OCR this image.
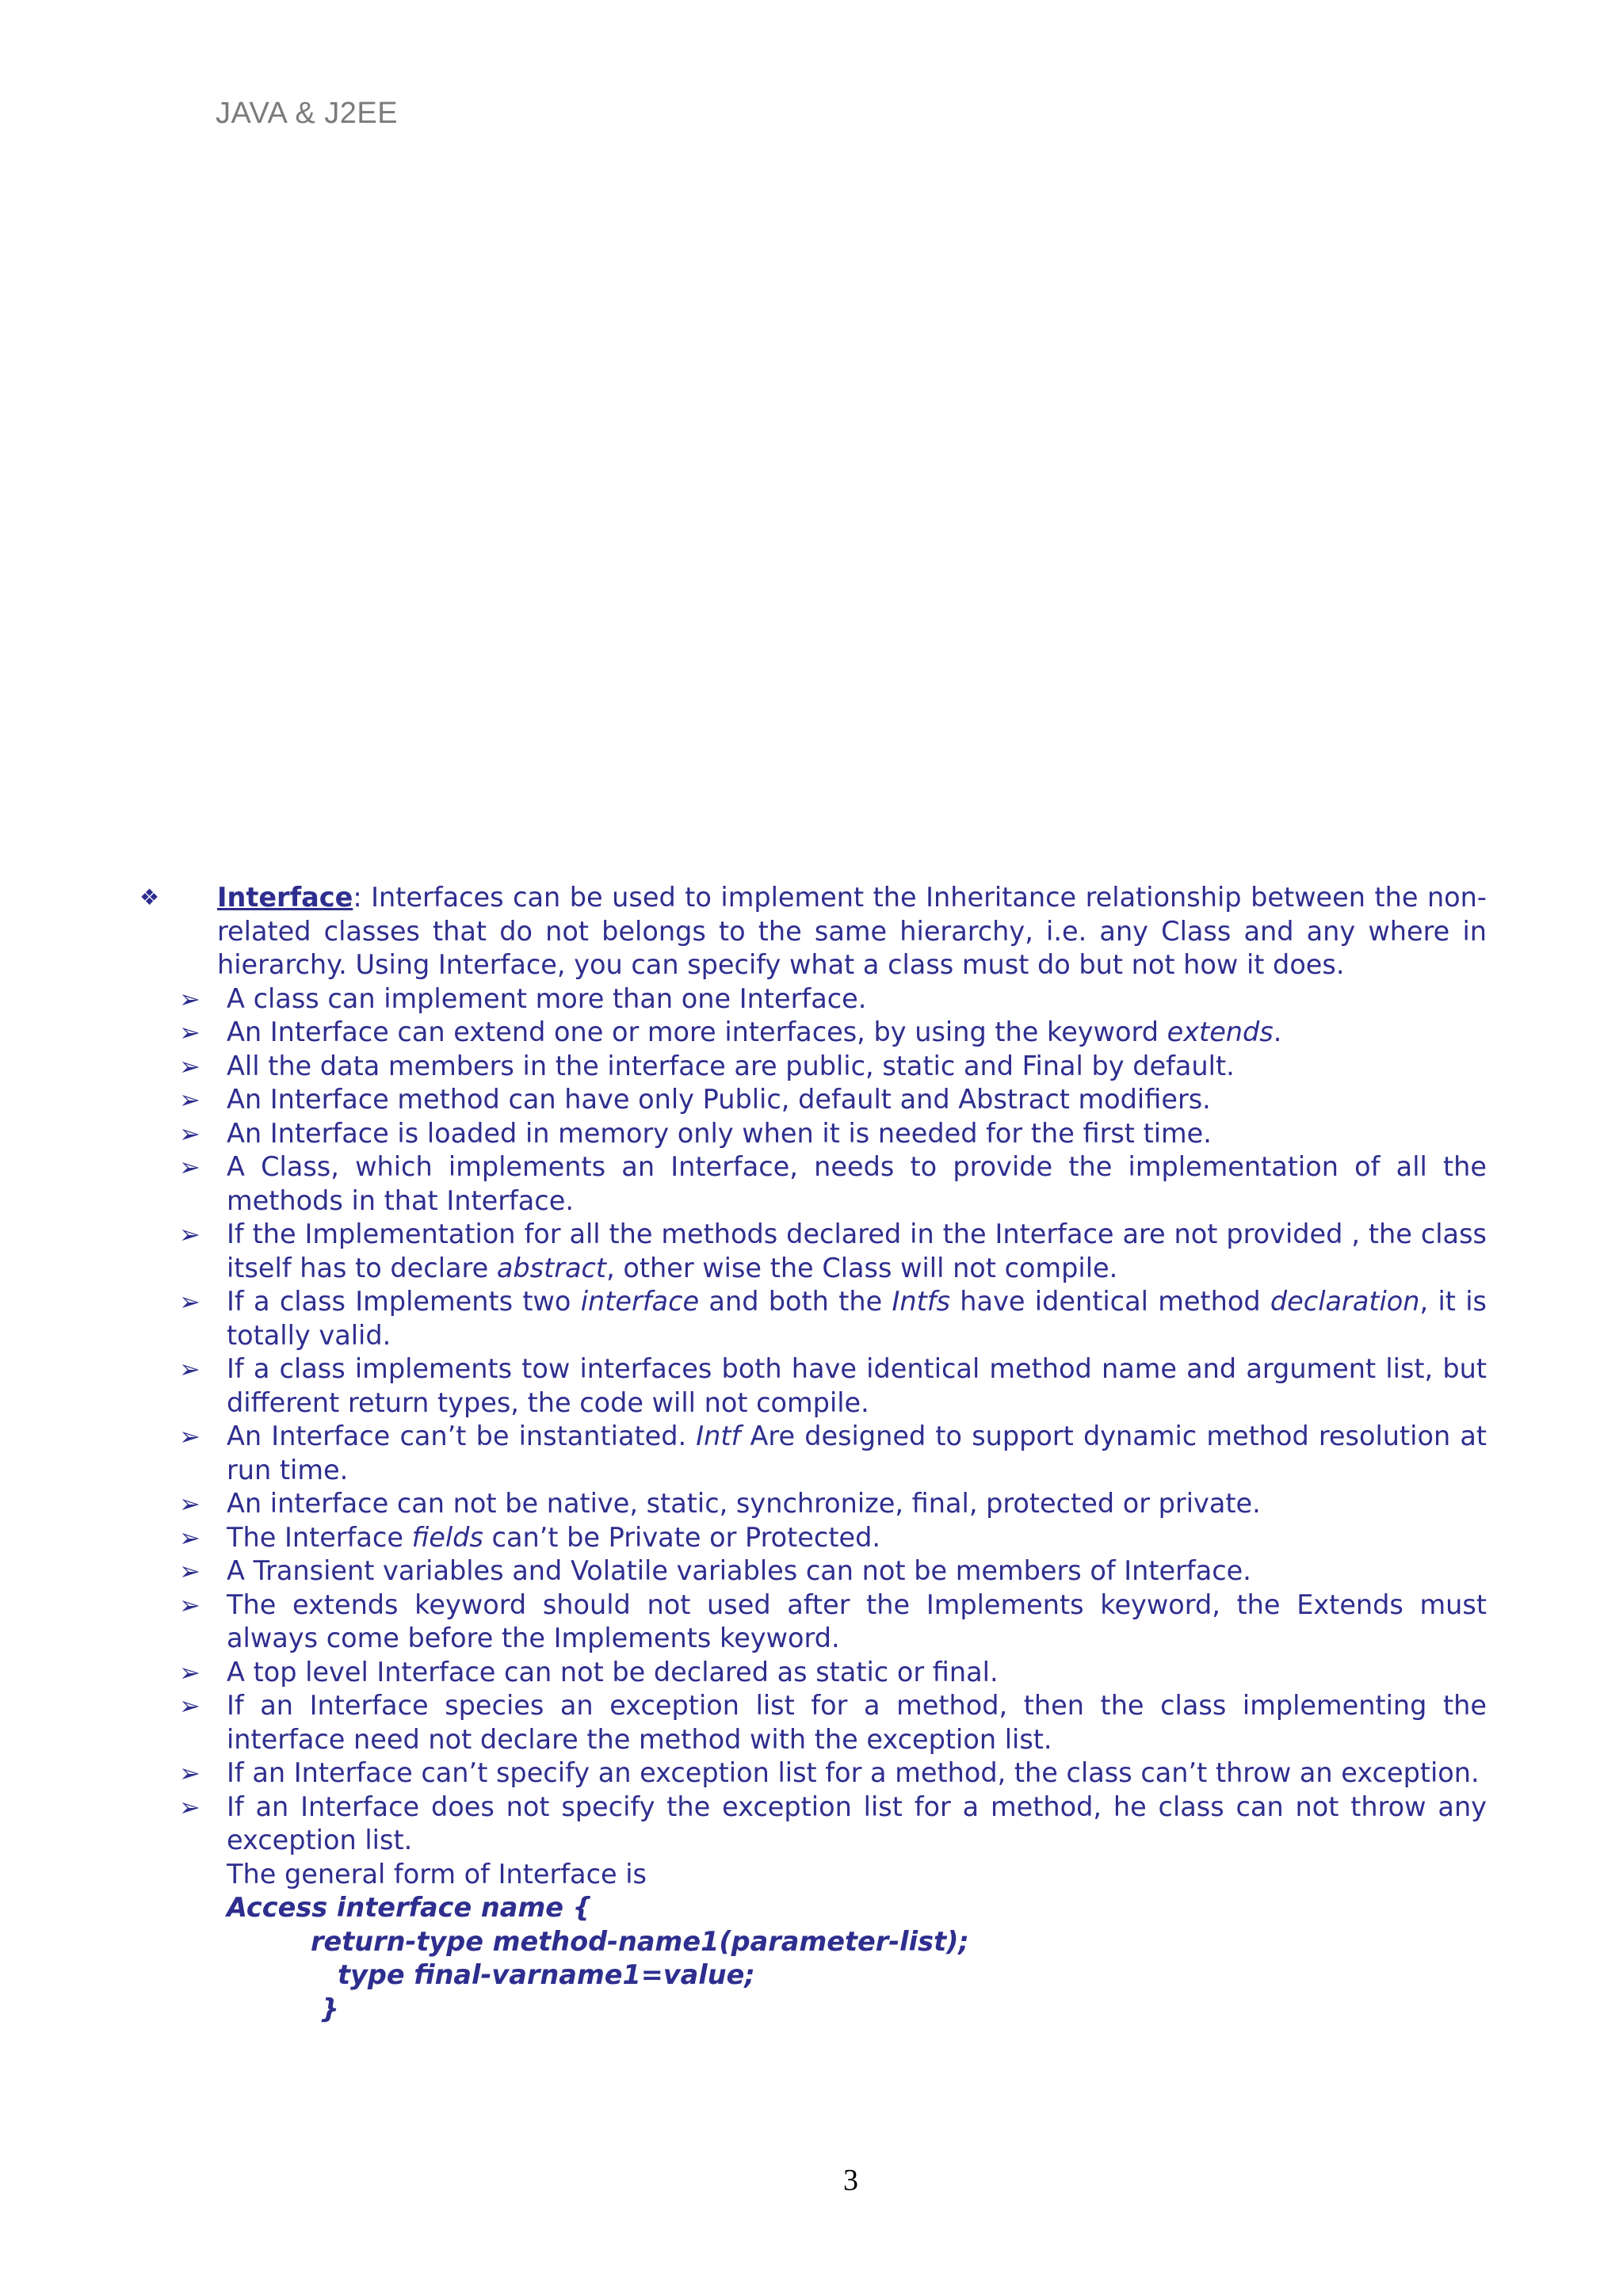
JAVA & J2EE
❖ Interface: Interfaces can be used to implement the Inheritance relationship between the non-related classes that do not belongs to the same hierarchy, i.e. any Class and any where in hierarchy. Using Interface, you can specify what a class must do but not how it does.
➢ A class can implement more than one Interface.
➢ An Interface can extend one or more interfaces, by using the keyword extends.
➢ All the data members in the interface are public, static and Final by default.
➢ An Interface method can have only Public, default and Abstract modifiers.
➢ An Interface is loaded in memory only when it is needed for the first time.
➢ A Class, which implements an Interface, needs to provide the implementation of all the methods in that Interface.
➢ If the Implementation for all the methods declared in the Interface are not provided , the class itself has to declare abstract, other wise the Class will not compile.
➢ If a class Implements two interface and both the Intfs have identical method declaration, it is totally valid.
➢ If a class implements tow interfaces both have identical method name and argument list, but different return types, the code will not compile.
➢ An Interface can’t be instantiated. Intf Are designed to support dynamic method resolution at run time.
➢ An interface can not be native, static, synchronize, final, protected or private.
➢ The Interface fields can’t be Private or Protected.
➢ A Transient variables and Volatile variables can not be members of Interface.
➢ The extends keyword should not used after the Implements keyword, the Extends must always come before the Implements keyword.
➢ A top level Interface can not be declared as static or final.
➢ If an Interface species an exception list for a method, then the class implementing the interface need not declare the method with the exception list.
➢ If an Interface can’t specify an exception list for a method, the class can’t throw an exception.
➢ If an Interface does not specify the exception list for a method, he class can not throw any exception list.
The general form of Interface is
Access interface name {
return-type method-name1(parameter-list);
type final-varname1=value;
}
3
